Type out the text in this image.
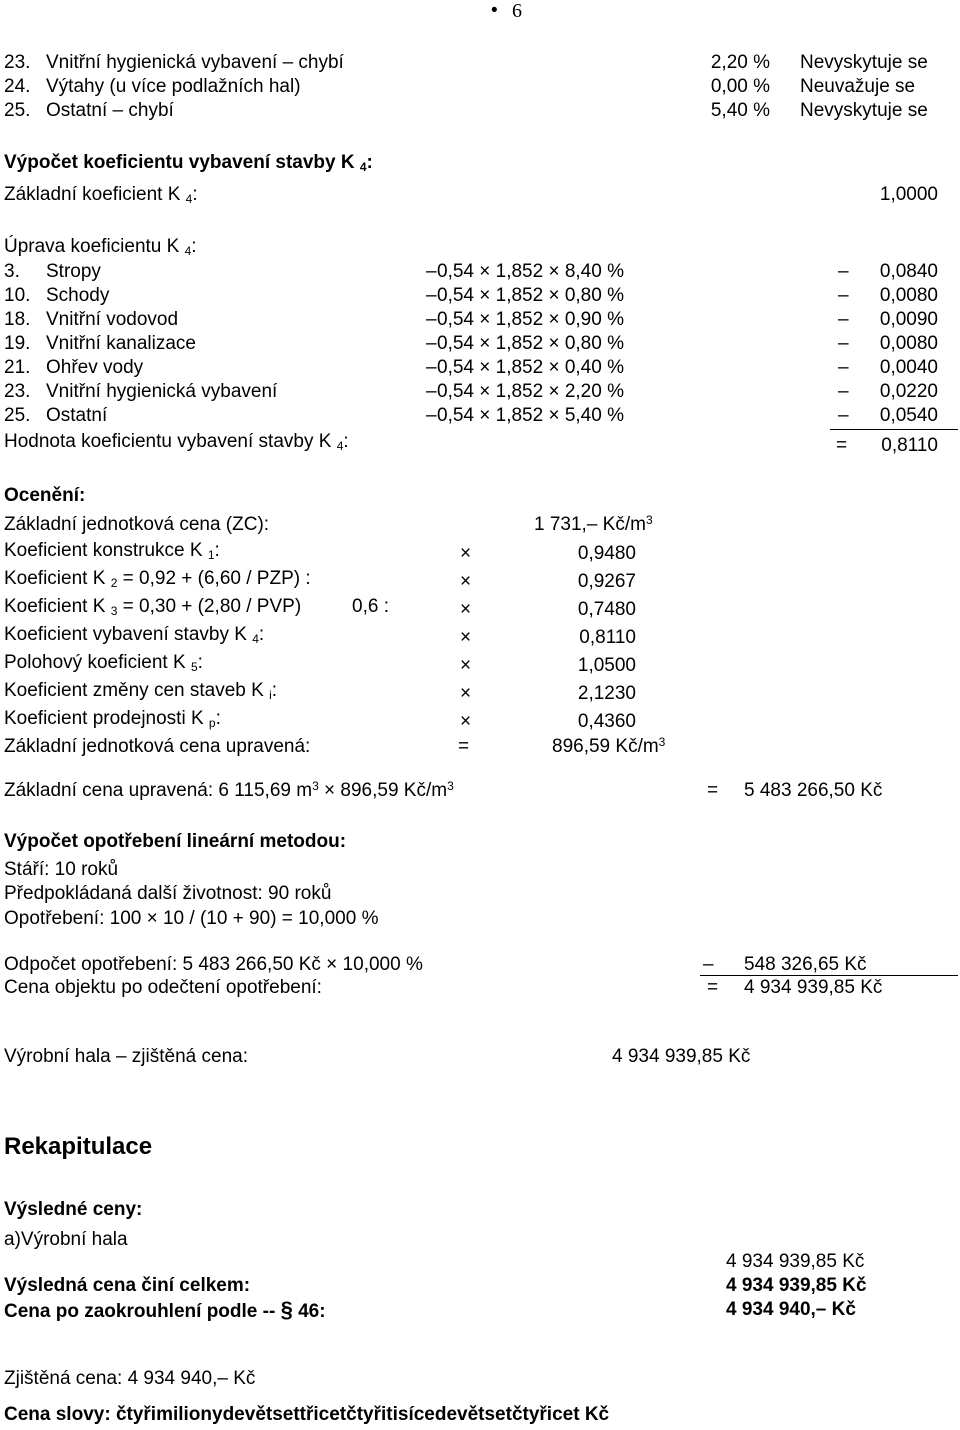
• 6
23. Vnitřní hygienická vybavení – chybí	2,20 % Nevyskytuje se
24. Výtahy (u více podlažních hal)	0,00 % Neuvažuje se
25. Ostatní – chybí	5,40 % Nevyskytuje se
Výpočet koeficientu vybavení stavby K $_4$:
Základní koeficient K $_4$:	1,0000
Úprava koeficientu K $_4$:
3. Stropy	– 0,54 × 1,852 × 8,40 %	– 0,0840
10. Schody	– 0,54 × 1,852 × 0,80 %	– 0,0080
18. Vnitřní vodovod	– 0,54 × 1,852 × 0,90 %	– 0,0090
19. Vnitřní kanalizace	– 0,54 × 1,852 × 0,80 %	– 0,0080
21. Ohřev vody	– 0,54 × 1,852 × 0,40 %	– 0,0040
23. Vnitřní hygienická vybavení	– 0,54 × 1,852 × 2,20 %	– 0,0220
25. Ostatní	– 0,54 × 1,852 × 5,40 %	– 0,0540
Hodnota koeficientu vybavení stavby K $_4$:	= 0,8110
Ocenění:
Základní jednotková cena (ZC):	1 731,– $Kč/m^3$
Koeficient konstrukce K $_1$:	×	0,9480
Koeficient K $_2$ = 0,92 + (6,60 / PZP) :	×	0,9267
Koeficient K $_3$ = 0,30 + (2,80 / PVP)	0,6 :	×	0,7480
Koeficient vybavení stavby K $_4$:	×	0,8110
Polohový koeficient K $_5$:	×	1,0500
Koeficient změny cen staveb K $_i$:	×	2,1230
Koeficient prodejnosti K $_p$:	×	0,4360
Základní jednotková cena upravená:	=	896,59 $Kč/m^3$
Základní cena upravená: 6 115,69 $m^3 \times 896,59$ $Kč/m^3$	= 5 483 266,50 Kč
Výpočet opotřebení lineární metodou:
Stáří: 10 roků
Předpokládaná další životnost: 90 roků
Opotřebení: 100 × 10 / (10 + 90) = 10,000 %
Odpočet opotřebení: 5 483 266,50 Kč × 10,000 %	– 548 326,65 Kč
Cena objektu po odečtení opotřebení:	= 4 934 939,85 Kč
Výrobní hala – zjištěná cena:	4 934 939,85 Kč
Rekapitulace
Výsledné ceny:
a)Výrobní hala
4 934 939,85 Kč
Výsledná cena činí celkem:	4 934 939,85 Kč
Cena po zaokrouhlení podle -- § 46:	4 934 940,– Kč
Zjištěná cena: 4 934 940,– Kč
Cena slovy: čtyřimilionydevětsettřicetčtyřitisícedevětsetčtyřicet Kč
